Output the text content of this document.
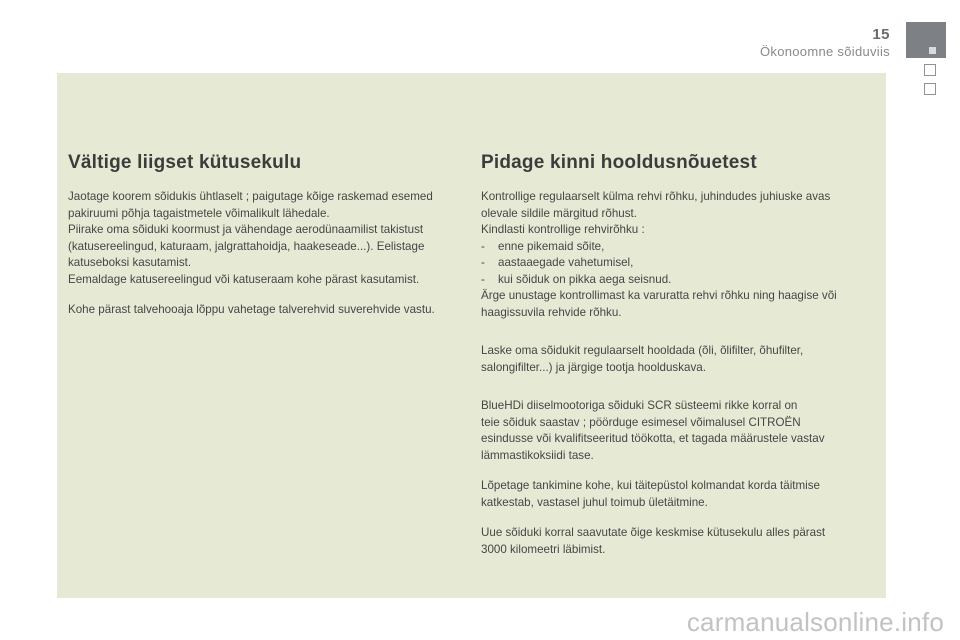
15
Ökonoomne sõiduviis
Vältige liigset kütusekulu

Jaotage koorem sõidukis ühtlaselt ; paigutage kõige raskemad esemed
pakiruumi põhja tagaistmetele võimalikult lähedale.
Piirake oma sõiduki koormust ja vähendage aerodünaamilist takistust
(katusereelingud, katuraam, jalgrattahoidja, haakeseade...). Eelistage
katuseboksi kasutamist.
Eemaldage katusereelingud või katuseraam kohe pärast kasutamist.

Kohe pärast talvehooaja lõppu vahetage talverehvid suverehvide vastu.

Pidage kinni hooldusnõuetest

Kontrollige regulaarselt külma rehvi rõhku, juhindudes juhiuske avas
olevale sildile märgitud rõhust.
Kindlasti kontrollige rehvirõhku :
- enne pikemaid sõite,
- aastaaegade vahetumisel,
- kui sõiduk on pikka aega seisnud.
Ärge unustage kontrollimast ka varuratta rehvi rõhku ning haagise või
haagissuvila rehvide rõhku.

Laske oma sõidukit regulaarselt hooldada (õli, õlifilter, õhufilter,
salongifilter...) ja järgige tootja hoolduskava.

BlueHDi diiselmootoriga sõiduki SCR süsteemi rikke korral on
teie sõiduk saastav ; pöörduge esimesel võimalusel CITROËN
esindusse või kvalifitseeritud töökotta, et tagada määrustele vastav
lämmastikoksiidi tase.

Lõpetage tankimine kohe, kui täitepüstol kolmandat korda täitmise
katkestab, vastasel juhul toimub ületäitmine.

Uue sõiduki korral saavutate õige keskmise kütusekulu alles pärast
3000 kilomeetri läbimist.

carmanualsonline.info
